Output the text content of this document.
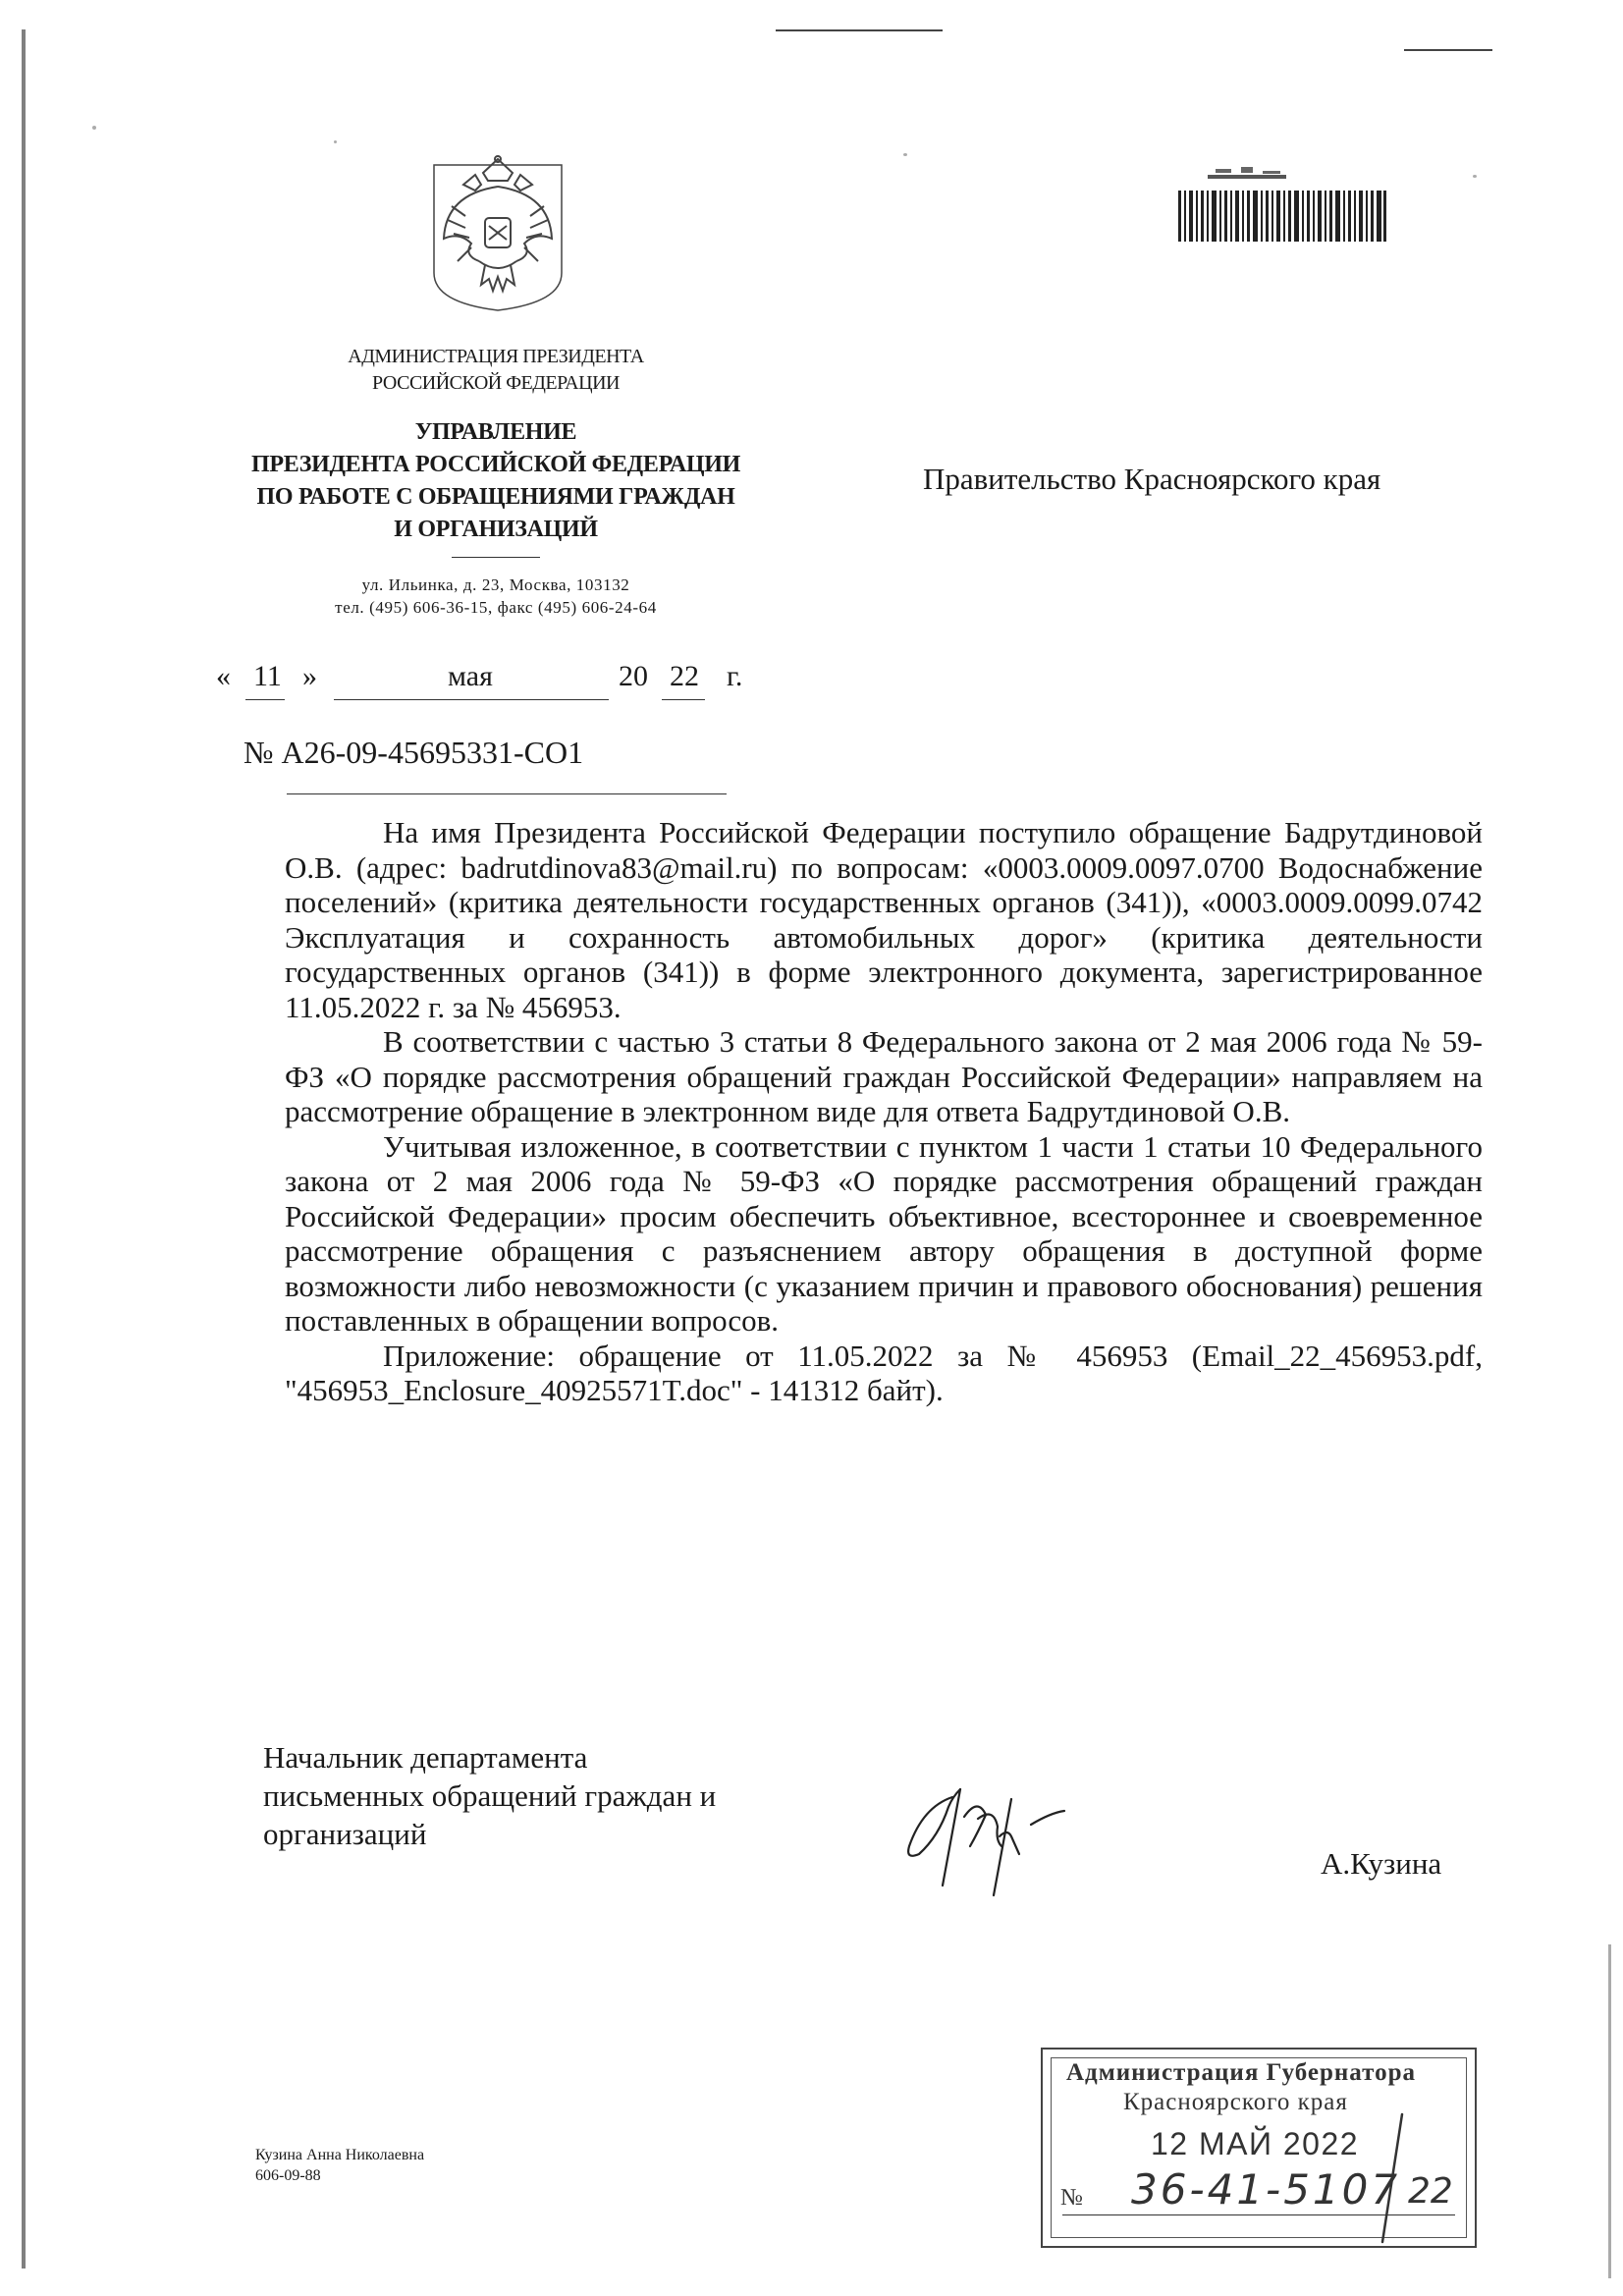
АДМИНИСТРАЦИЯ ПРЕЗИДЕНТА
РОССИЙСКОЙ ФЕДЕРАЦИИ
УПРАВЛЕНИЕ
ПРЕЗИДЕНТА РОССИЙСКОЙ ФЕДЕРАЦИИ
ПО РАБОТЕ С ОБРАЩЕНИЯМИ ГРАЖДАН
И ОРГАНИЗАЦИЙ
ул. Ильинка, д. 23, Москва, 103132
тел. (495) 606-36-15, факс (495) 606-24-64
Правительство Красноярского края
« 11 »	мая	20 22 г.
№ А26-09-45695331-СО1

На имя Президента Российской Федерации поступило обращение Бадрутдиновой О.В. (адрес: badrutdinova83@mail.ru) по вопросам: «0003.0009.0097.0700 Водоснабжение поселений» (критика деятельности государственных органов (341)), «0003.0009.0099.0742 Эксплуатация и сохранность автомобильных дорог» (критика деятельности государственных органов (341)) в форме электронного документа, зарегистрированное 11.05.2022 г. за № 456953.

В соответствии с частью 3 статьи 8 Федерального закона от 2 мая 2006 года № 59-ФЗ «О порядке рассмотрения обращений граждан Российской Федерации» направляем на рассмотрение обращение в электронном виде для ответа Бадрутдиновой О.В.

Учитывая изложенное, в соответствии с пунктом 1 части 1 статьи 10 Федерального закона от 2 мая 2006 года № 59-ФЗ «О порядке рассмотрения обращений граждан Российской Федерации» просим обеспечить объективное, всестороннее и своевременное рассмотрение обращения с разъяснением автору обращения в доступной форме возможности либо невозможности (с указанием причин и правового обоснования) решения поставленных в обращении вопросов.

Приложение: обращение от 11.05.2022 за № 456953 (Email_22_456953.pdf, "456953_Enclosure_40925571T.doc" - 141312 байт).

Начальник департамента
письменных обращений граждан и
организаций
А.Кузина
Кузина Анна Николаевна
606-09-88
Администрация Губернатора
Красноярского края
12 МАЙ 2022
№ 36-41-5107 22
